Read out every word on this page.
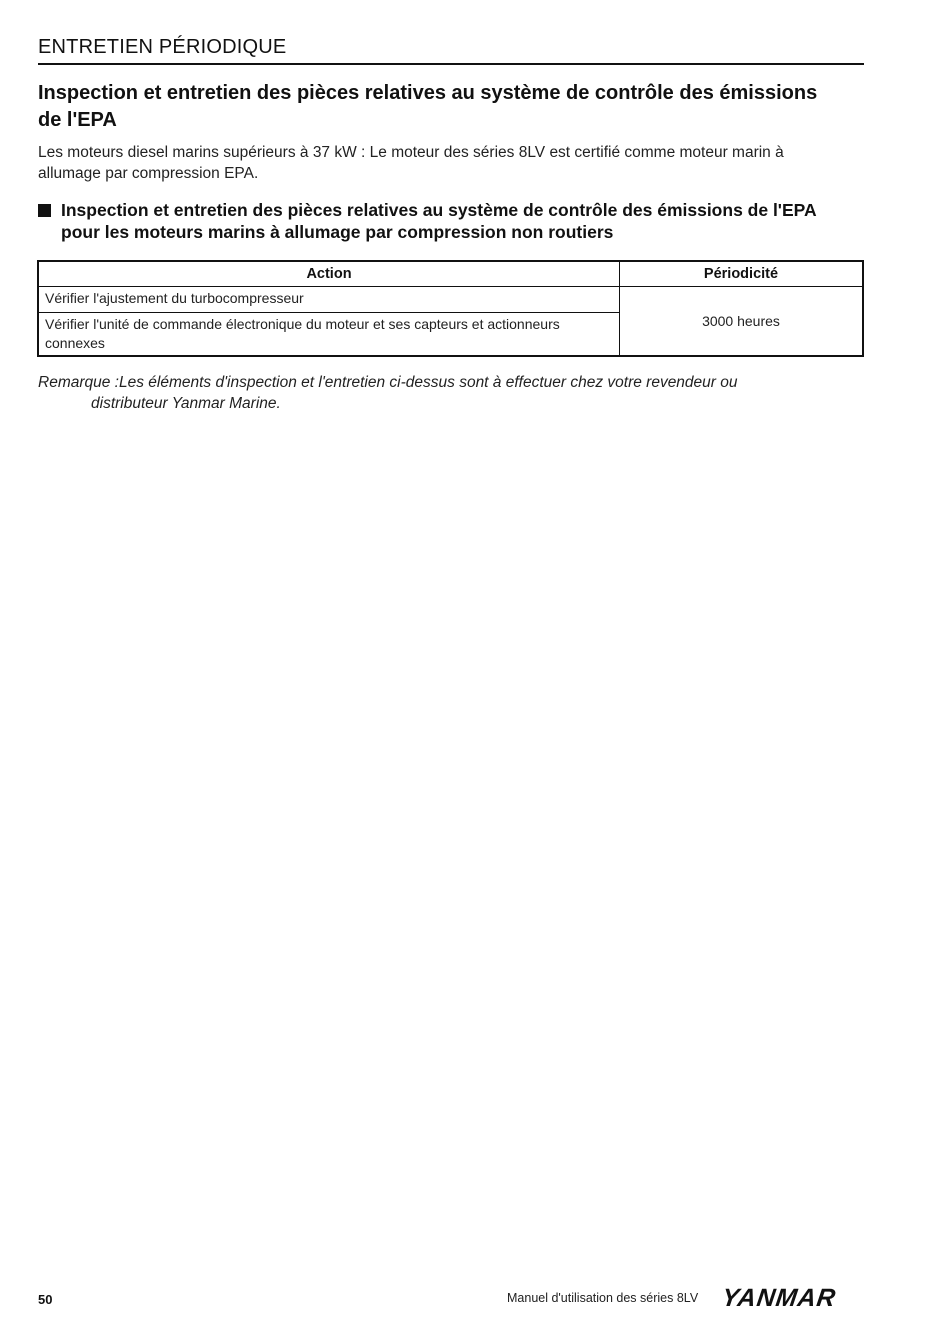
ENTRETIEN PÉRIODIQUE
Inspection et entretien des pièces relatives au système de contrôle des émissions de l'EPA
Les moteurs diesel marins supérieurs à 37 kW : Le moteur des séries 8LV est certifié comme moteur marin à allumage par compression EPA.
Inspection et entretien des pièces relatives au système de contrôle des émissions de l'EPA pour les moteurs marins à allumage par compression non routiers
Action	Périodicité
Vérifier l'ajustement du turbocompresseur	3000 heures
Vérifier l'unité de commande électronique du moteur et ses capteurs et actionneurs connexes	
Remarque :Les éléments d'inspection et l'entretien ci-dessus sont à effectuer chez votre revendeur ou
distributeur Yanmar Marine.
50	Manuel d'utilisation des séries 8LV YANMAR
